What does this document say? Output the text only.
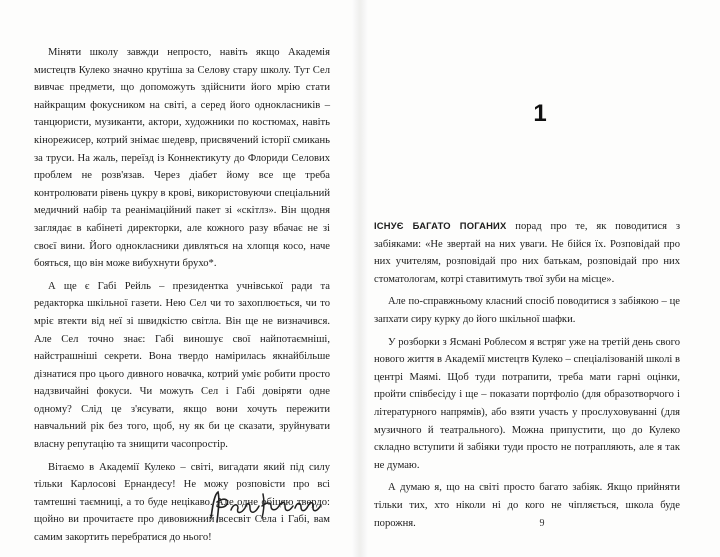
Міняти школу завжди непросто, навіть якщо Академія мистецтв Кулеко значно крутіша за Селову стару школу. Тут Сел вивчає предмети, що допоможуть здійснити його мрію стати найкращим фокусником на світі, а серед його однокласників – танцюристи, музиканти, актори, художники по костюмах, навіть кінорежисер, котрий знімає шедевр, присвячений історії смикань за труси. На жаль, переїзд із Коннектикуту до Флориди Селових проблем не розв'язав. Через діабет йому все ще треба контролювати рівень цукру в крові, використовуючи спеціальний медичний набір та реанімаційний пакет зі «скітлз». Він щодня заглядає в кабінеті директорки, але кожного разу вбачає не зі своєї вини. Його однокласники дивляться на хлопця косо, наче бояться, що він може вибухнути брухо*.

А ще є Габі Рейль – президентка учнівської ради та редакторка шкільної газети. Нею Сел чи то захоплюється, чи то мріє втекти від неї зі швидкістю світла. Він ще не визначився. Але Сел точно знає: Габі виношує свої найпотаємніші, найстрашніші секрети. Вона твердо намірилась якнайбільше дізнатися про цього дивного новачка, котрий уміє робити просто надзвичайні фокуси. Чи можуть Сел і Габі довіряти одне одному? Слід це з'ясувати, якщо вони хочуть пережити навчальний рік без того, щоб, ну як би це сказати, зруйнувати власну репутацію та знищити часопростір.

Вітаємо в Академії Кулеко – світі, вигадати який під силу тільки Карлосові Ернандесу! Не можу розповісти про всі тамтешні таємниці, а то буде нецікаво. Але одне обіцяю твердо: щойно ви прочитаєте про дивовижний всесвіт Села і Габі, вам самим закортить перебратися до нього!

1

ІСНУЄ БАГАТО ПОГАНИХ порад про те, як поводитися з забіяками: «Не звертай на них уваги. Не бійся їх. Розповідай про них учителям, розповідай про них батькам, розповідай про них стоматологам, котрі ставитимуть твої зуби на місце».

Але по-справжньому класний спосіб поводитися з забіякою – це запхати сиру курку до його шкільної шафки.

У розборки з Ясмані Роблесом я встряг уже на третій день свого нового життя в Академії мистецтв Кулеко – спеціалізованій школі в центрі Маямі. Щоб туди потрапити, треба мати гарні оцінки, пройти співбесіду і ще – показати портфоліо (для образотворчого і літературного напрямів), або взяти участь у прослуховуванні (для музичного й театрального). Можна припустити, що до Кулеко складно вступити й забіяки туди просто не потрапляють, але я так не думаю.

А думаю я, що на світі просто багато забіяк. Якщо прийняти тільки тих, хто ніколи ні до кого не чіпляється, школа буде порожня.	9
